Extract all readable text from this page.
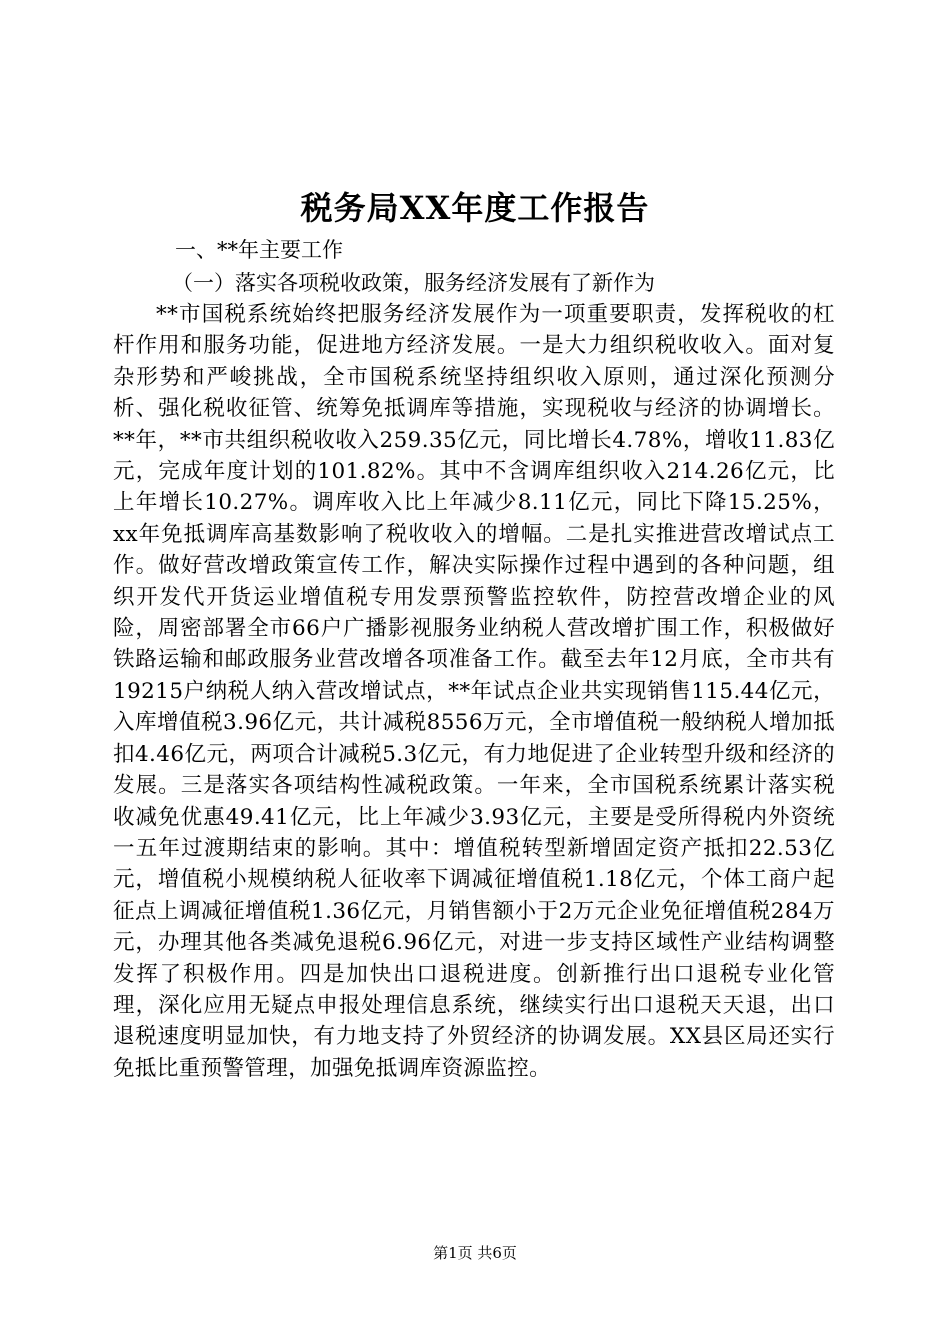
税务局XX年度工作报告

一、**年主要工作

（一）落实各项税收政策，服务经济发展有了新作为

**市国税系统始终把服务经济发展作为一项重要职责，发挥税收的杠杆作用和服务功能，促进地方经济发展。一是大力组织税收收入。面对复杂形势和严峻挑战，全市国税系统坚持组织收入原则，通过深化预测分析、强化税收征管、统筹免抵调库等措施，实现税收与经济的协调增长。**年，**市共组织税收收入259.35亿元，同比增长4.78%，增收11.83亿元，完成年度计划的101.82%。其中不含调库组织收入214.26亿元，比上年增长10.27%。调库收入比上年减少8.11亿元，同比下降15.25%，xx年免抵调库高基数影响了税收收入的增幅。二是扎实推进营改增试点工作。做好营改增政策宣传工作，解决实际操作过程中遇到的各种问题，组织开发代开货运业增值税专用发票预警监控软件，防控营改增企业的风险，周密部署全市66户广播影视服务业纳税人营改增扩围工作，积极做好铁路运输和邮政服务业营改增各项准备工作。截至去年12月底，全市共有19215户纳税人纳入营改增试点，**年试点企业共实现销售115.44亿元，入库增值税3.96亿元，共计减税8556万元，全市增值税一般纳税人增加抵扣4.46亿元，两项合计减税5.3亿元，有力地促进了企业转型升级和经济的发展。三是落实各项结构性减税政策。一年来，全市国税系统累计落实税收减免优惠49.41亿元，比上年减少3.93亿元，主要是受所得税内外资统一五年过渡期结束的影响。其中：增值税转型新增固定资产抵扣22.53亿元，增值税小规模纳税人征收率下调减征增值税1.18亿元，个体工商户起征点上调减征增值税1.36亿元，月销售额小于2万元企业免征增值税284万元，办理其他各类减免退税6.96亿元，对进一步支持区域性产业结构调整发挥了积极作用。四是加快出口退税进度。创新推行出口退税专业化管理，深化应用无疑点申报处理信息系统，继续实行出口退税天天退，出口退税速度明显加快，有力地支持了外贸经济的协调发展。XX县区局还实行免抵比重预警管理，加强免抵调库资源监控。

第1页 共6页
